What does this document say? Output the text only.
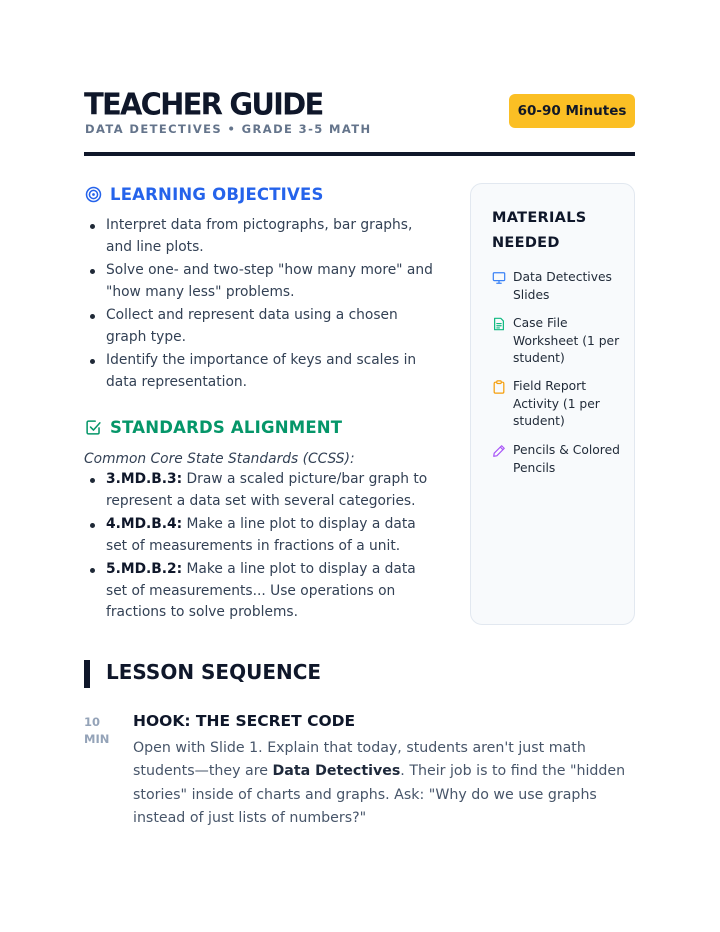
TEACHER GUIDE
DATA DETECTIVES • GRADE 3-5 MATH
60-90 Minutes
LEARNING OBJECTIVES
Interpret data from pictographs, bar graphs, and line plots.
Solve one- and two-step "how many more" and "how many less" problems.
Collect and represent data using a chosen graph type.
Identify the importance of keys and scales in data representation.
STANDARDS ALIGNMENT
Common Core State Standards (CCSS):
3.MD.B.3: Draw a scaled picture/bar graph to represent a data set with several categories.
4.MD.B.4: Make a line plot to display a data set of measurements in fractions of a unit.
5.MD.B.2: Make a line plot to display a data set of measurements... Use operations on fractions to solve problems.
MATERIALS NEEDED
Data Detectives Slides
Case File Worksheet (1 per student)
Field Report Activity (1 per student)
Pencils & Colored Pencils
LESSON SEQUENCE
10
MIN
HOOK: THE SECRET CODE
Open with Slide 1. Explain that today, students aren't just math students—they are Data Detectives. Their job is to find the "hidden stories" inside of charts and graphs. Ask: "Why do we use graphs instead of just lists of numbers?"
